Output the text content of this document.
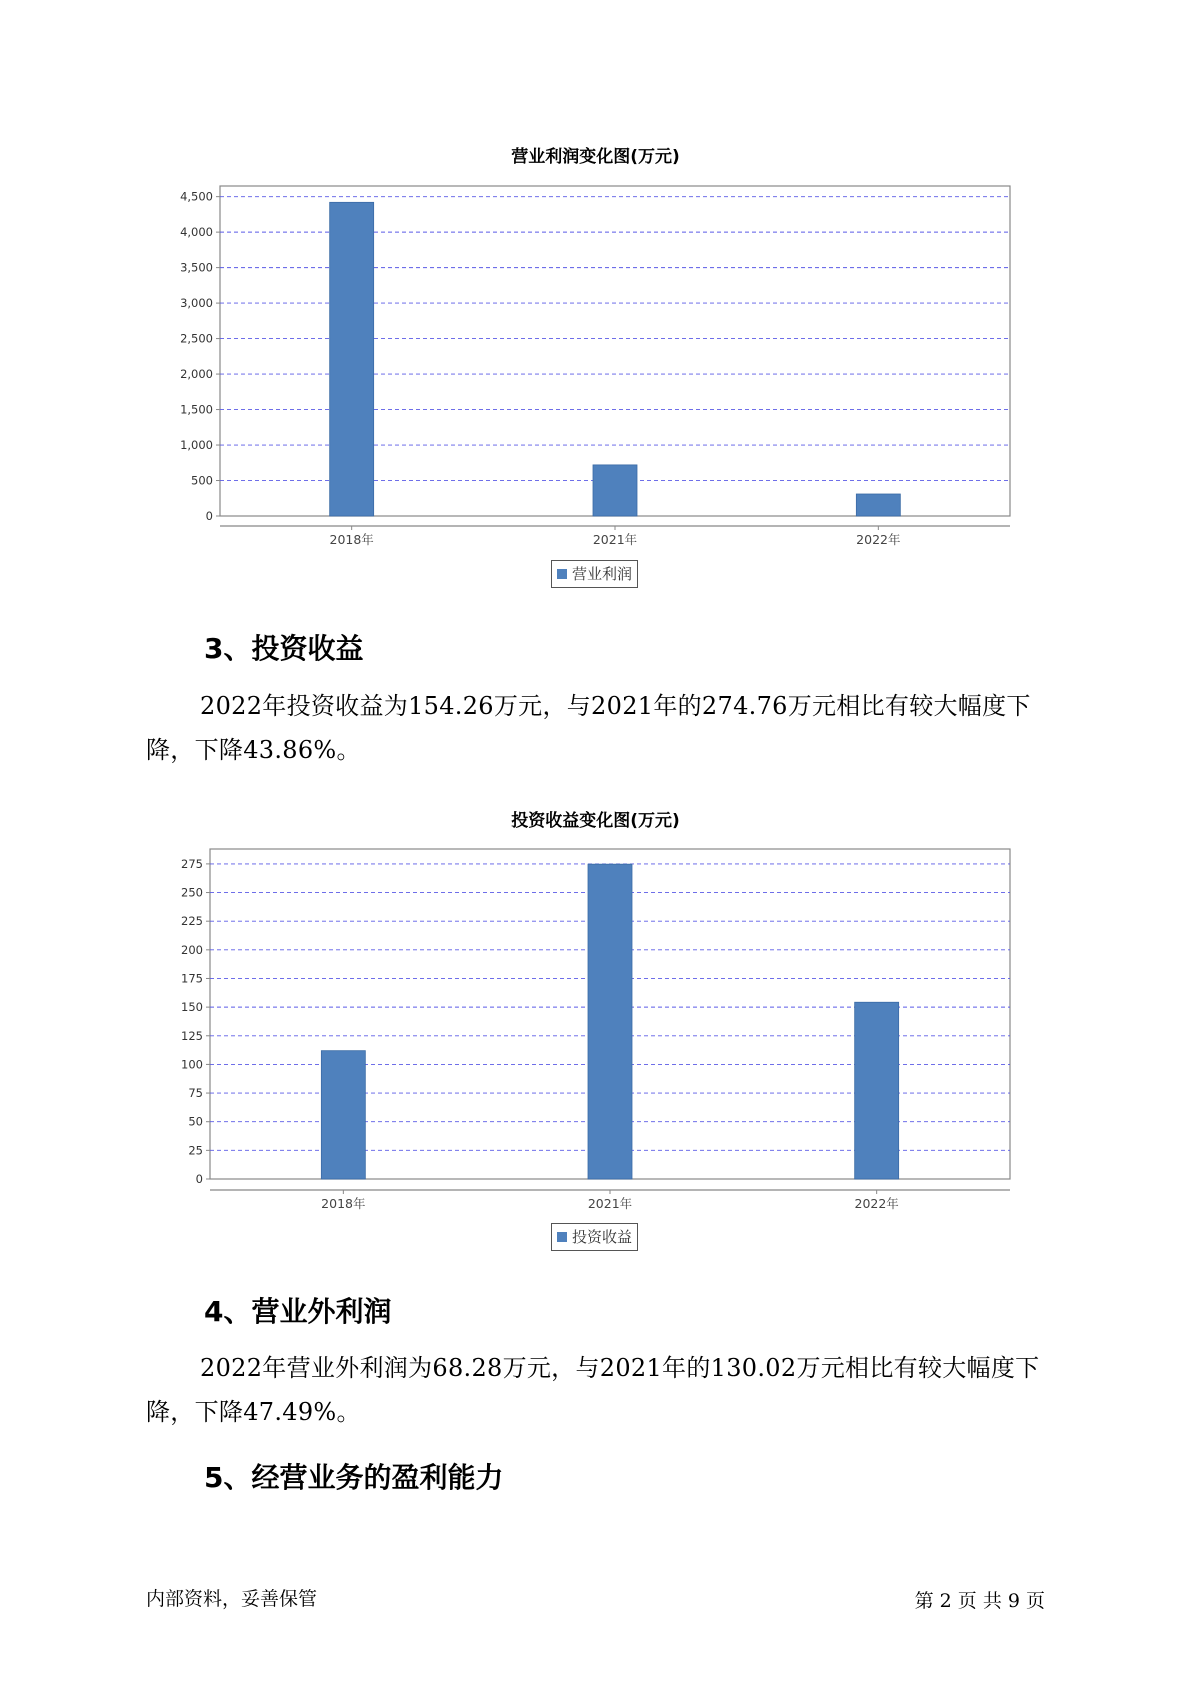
营业利润变化图(万元)
0
500
1,000
1,500
2,000
2,500
3,000
3,500
4,000
4,500
2018年	2021年	2022年
营业利润
3、投资收益
2022年投资收益为154.26万元，与2021年的274.76万元相比有较大幅度下降，下降43.86%。
投资收益变化图(万元)
0
25
50
75
100
125
150
175
200
225
250
275
2018年	2021年	2022年
投资收益
4、营业外利润
2022年营业外利润为68.28万元，与2021年的130.02万元相比有较大幅度下降，下降47.49%。
5、经营业务的盈利能力
内部资料，妥善保管	第 2 页 共 9 页
